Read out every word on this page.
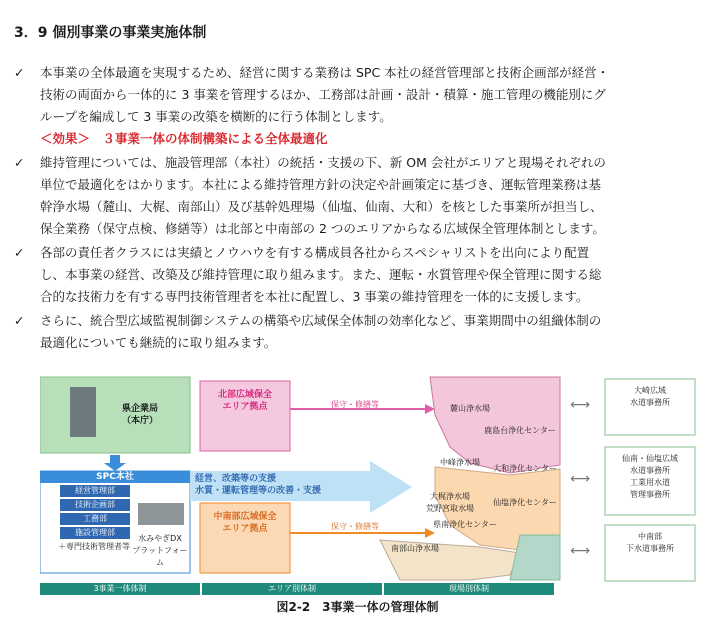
3．9 個別事業の事業実施体制
✓	本事業の全体最適を実現するため、経営に関する業務は SPC 本社の経営管理部と技術企画部が経営・
技術の両面から一体的に 3 事業を管理するほか、工務部は計画・設計・積算・施工管理の機能別にグ
ループを編成して 3 事業の改築を横断的に行う体制とします。
＜効果＞　３事業一体の体制構築による全体最適化
✓	維持管理については、施設管理部（本社）の統括・支援の下、新 OM 会社がエリアと現場それぞれの
単位で最適化をはかります。本社による維持管理方針の決定や計画策定に基づき、運転管理業務は基
幹浄水場（麓山、大梶、南部山）及び基幹処理場（仙塩、仙南、大和）を核とした事業所が担当し、
保全業務（保守点検、修繕等）は北部と中南部の 2 つのエリアからなる広域保全管理体制とします。
✓	各部の責任者クラスには実績とノウハウを有する構成員各社からスペシャリストを出向により配置
し、本事業の経営、改築及び維持管理に取り組みます。また、運転・水質管理や保全管理に関する総
合的な技術力を有する専門技術管理者を本社に配置し、3 事業の維持管理を一体的に支援します。
✓	さらに、統合型広域監視制御システムの構築や広域保全体制の効率化など、事業期間中の組織体制の
最適化についても継続的に取り組みます。
⟷
⟷
⟷
県企業局
（本庁）
SPC本社
経営管理部
技術企画部
工務部
施設管理部
＋専門技術管理者等
水みやぎDX
プラットフォーム
北部広域保全
エリア拠点
中南部広域保全
エリア拠点
保守・修繕等
保守・修繕等
経営、改築等の支援
水質・運転管理等の改善・支援
麓山浄水場
鹿島台浄化センター
中峰浄水場
大和浄化センター
大梶浄水場
県南浄化センター
仙塩浄化センター
南部山浄水場
荒野宮取水場
大崎広域
水道事務所
仙南・仙塩広域
水道事務所
工業用水道
管理事務所
中南部
下水道事務所
3事業一体体制	エリア別体制	現場別体制
図2-2　3事業一体の管理体制
